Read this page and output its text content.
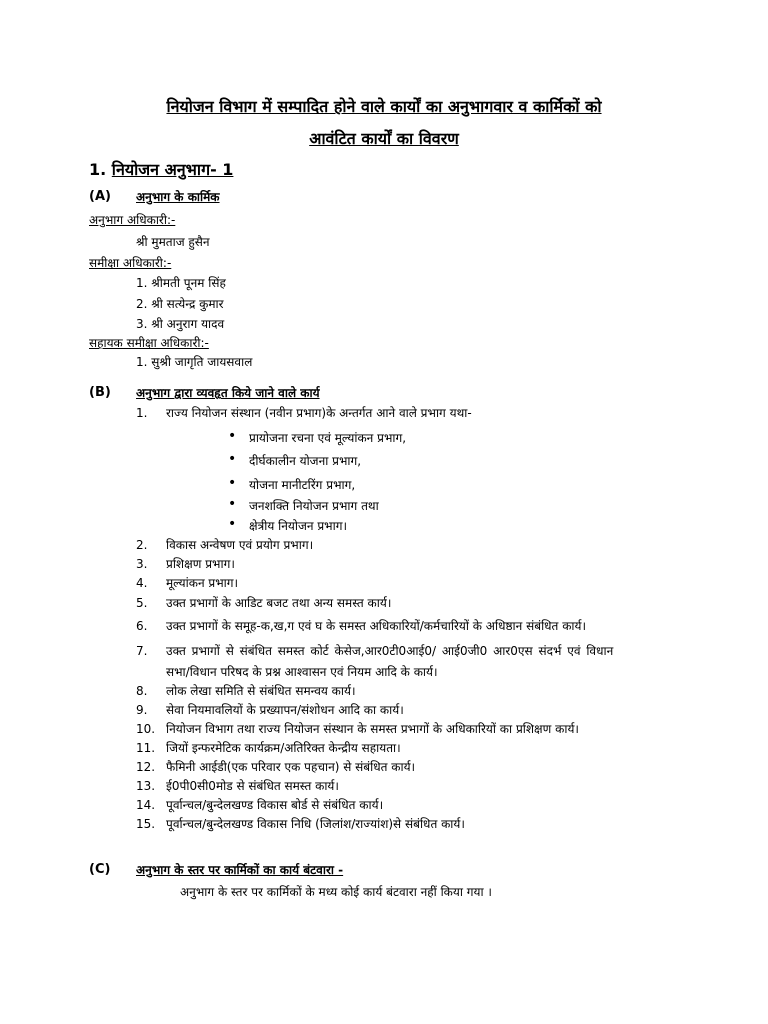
नियोजन विभाग में सम्पादित होने वाले कार्यों का अनुभागवार व कार्मिकों को
आवंटित कार्यों का विवरण
1. नियोजन अनुभाग- 1
(A) अनुभाग के कार्मिक
अनुभाग अधिकारी:-
श्री मुमताज हुसैन
समीक्षा अधिकारी:-
1. श्रीमती पूनम सिंह
2. श्री सत्येन्द्र कुमार
3. श्री अनुराग यादव
सहायक समीक्षा अधिकारी:-
1. सुश्री जागृति जायसवाल
(B) अनुभाग द्वारा व्यवहृत किये जाने वाले कार्य
1. राज्य नियोजन संस्थान (नवीन प्रभाग)के अन्तर्गत आने वाले प्रभाग यथा-
• प्रायोजना रचना एवं मूल्यांकन प्रभाग,
• दीर्घकालीन योजना प्रभाग,
• योजना मानीटरिंग प्रभाग,
• जनशक्ति नियोजन प्रभाग तथा
• क्षेत्रीय नियोजन प्रभाग।
2. विकास अन्वेषण एवं प्रयोग प्रभाग।
3. प्रशिक्षण प्रभाग।
4. मूल्यांकन प्रभाग।
5. उक्त प्रभागों के आडिट बजट तथा अन्य समस्त कार्य।
6. उक्त प्रभागों के समूह-क,ख,ग एवं घ के समस्त अधिकारियों/कर्मचारियों के अधिष्ठान संबंधित कार्य।
7. उक्त प्रभागों से संबंधित समस्त कोर्ट केसेज,आर0टी0आई0/ आई0जी0 आर0एस संदर्भ एवं विधान
सभा/विधान परिषद के प्रश्न आश्वासन एवं नियम आदि के कार्य।
8. लोक लेखा समिति से संबंधित समन्वय कार्य।
9. सेवा नियमावलियों के प्रख्यापन/संशोधन आदि का कार्य।
10. नियोजन विभाग तथा राज्य नियोजन संस्थान के समस्त प्रभागों के अधिकारियों का प्रशिक्षण कार्य।
11. जियों इन्फरमेटिक कार्यक्रम/अतिरिक्त केन्द्रीय सहायता।
12. फैमिनी आईडी(एक परिवार एक पहचान) से संबंधित कार्य।
13. ई0पी0सी0मोड से संबंधित समस्त कार्य।
14. पूर्वान्चल/बुन्देलखण्ड विकास बोर्ड से संबंधित कार्य।
15. पूर्वान्चल/बुन्देलखण्ड विकास निधि (जिलांश/राज्यांश)से संबंधित कार्य।
(C) अनुभाग के स्तर पर कार्मिकों का कार्य बंटवारा -
अनुभाग के स्तर पर कार्मिकों के मध्य कोई कार्य बंटवारा नहीं किया गया ।
